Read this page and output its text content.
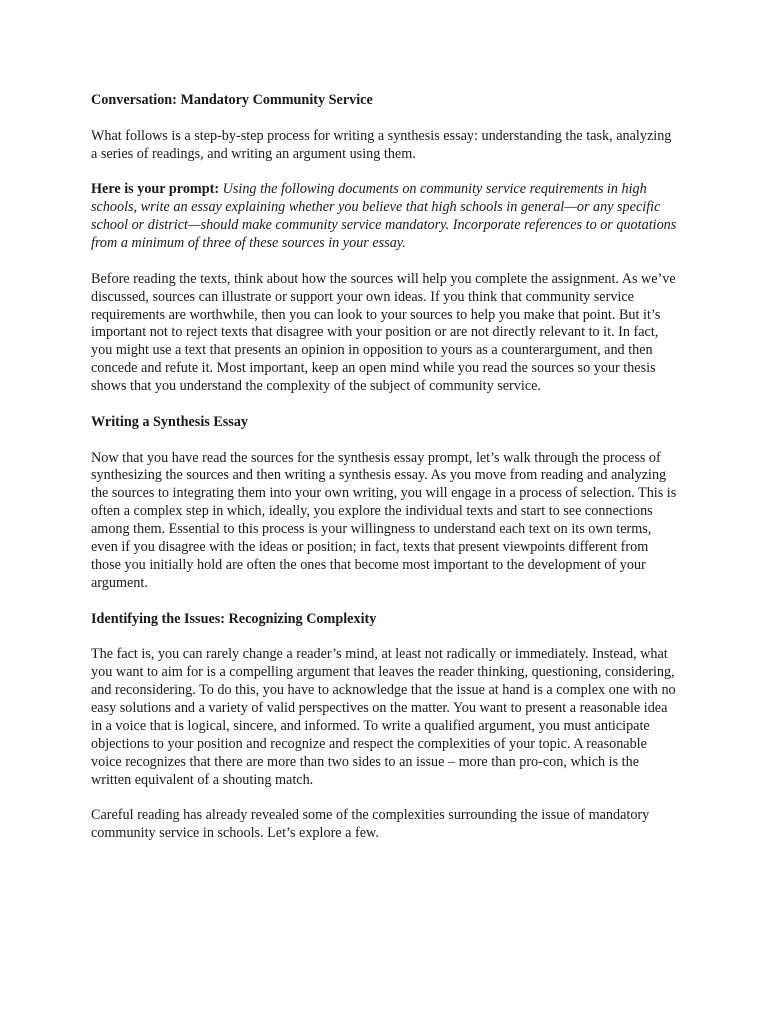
Conversation: Mandatory Community Service

What follows is a step-by-step process for writing a synthesis essay: understanding the task, analyzing a series of readings, and writing an argument using them.

Here is your prompt: Using the following documents on community service requirements in high schools, write an essay explaining whether you believe that high schools in general—or any specific school or district—should make community service mandatory. Incorporate references to or quotations from a minimum of three of these sources in your essay.

Before reading the texts, think about how the sources will help you complete the assignment. As we’ve discussed, sources can illustrate or support your own ideas. If you think that community service requirements are worthwhile, then you can look to your sources to help you make that point. But it’s important not to reject texts that disagree with your position or are not directly relevant to it. In fact, you might use a text that presents an opinion in opposition to yours as a counterargument, and then concede and refute it. Most important, keep an open mind while you read the sources so your thesis shows that you understand the complexity of the subject of community service.

Writing a Synthesis Essay

Now that you have read the sources for the synthesis essay prompt, let’s walk through the process of synthesizing the sources and then writing a synthesis essay. As you move from reading and analyzing the sources to integrating them into your own writing, you will engage in a process of selection. This is often a complex step in which, ideally, you explore the individual texts and start to see connections among them. Essential to this process is your willingness to understand each text on its own terms, even if you disagree with the ideas or position; in fact, texts that present viewpoints different from those you initially hold are often the ones that become most important to the development of your argument.

Identifying the Issues: Recognizing Complexity

The fact is, you can rarely change a reader’s mind, at least not radically or immediately. Instead, what you want to aim for is a compelling argument that leaves the reader thinking, questioning, considering, and reconsidering. To do this, you have to acknowledge that the issue at hand is a complex one with no easy solutions and a variety of valid perspectives on the matter. You want to present a reasonable idea in a voice that is logical, sincere, and informed. To write a qualified argument, you must anticipate objections to your position and recognize and respect the complexities of your topic. A reasonable voice recognizes that there are more than two sides to an issue – more than pro-con, which is the written equivalent of a shouting match.

Careful reading has already revealed some of the complexities surrounding the issue of mandatory community service in schools. Let’s explore a few.
